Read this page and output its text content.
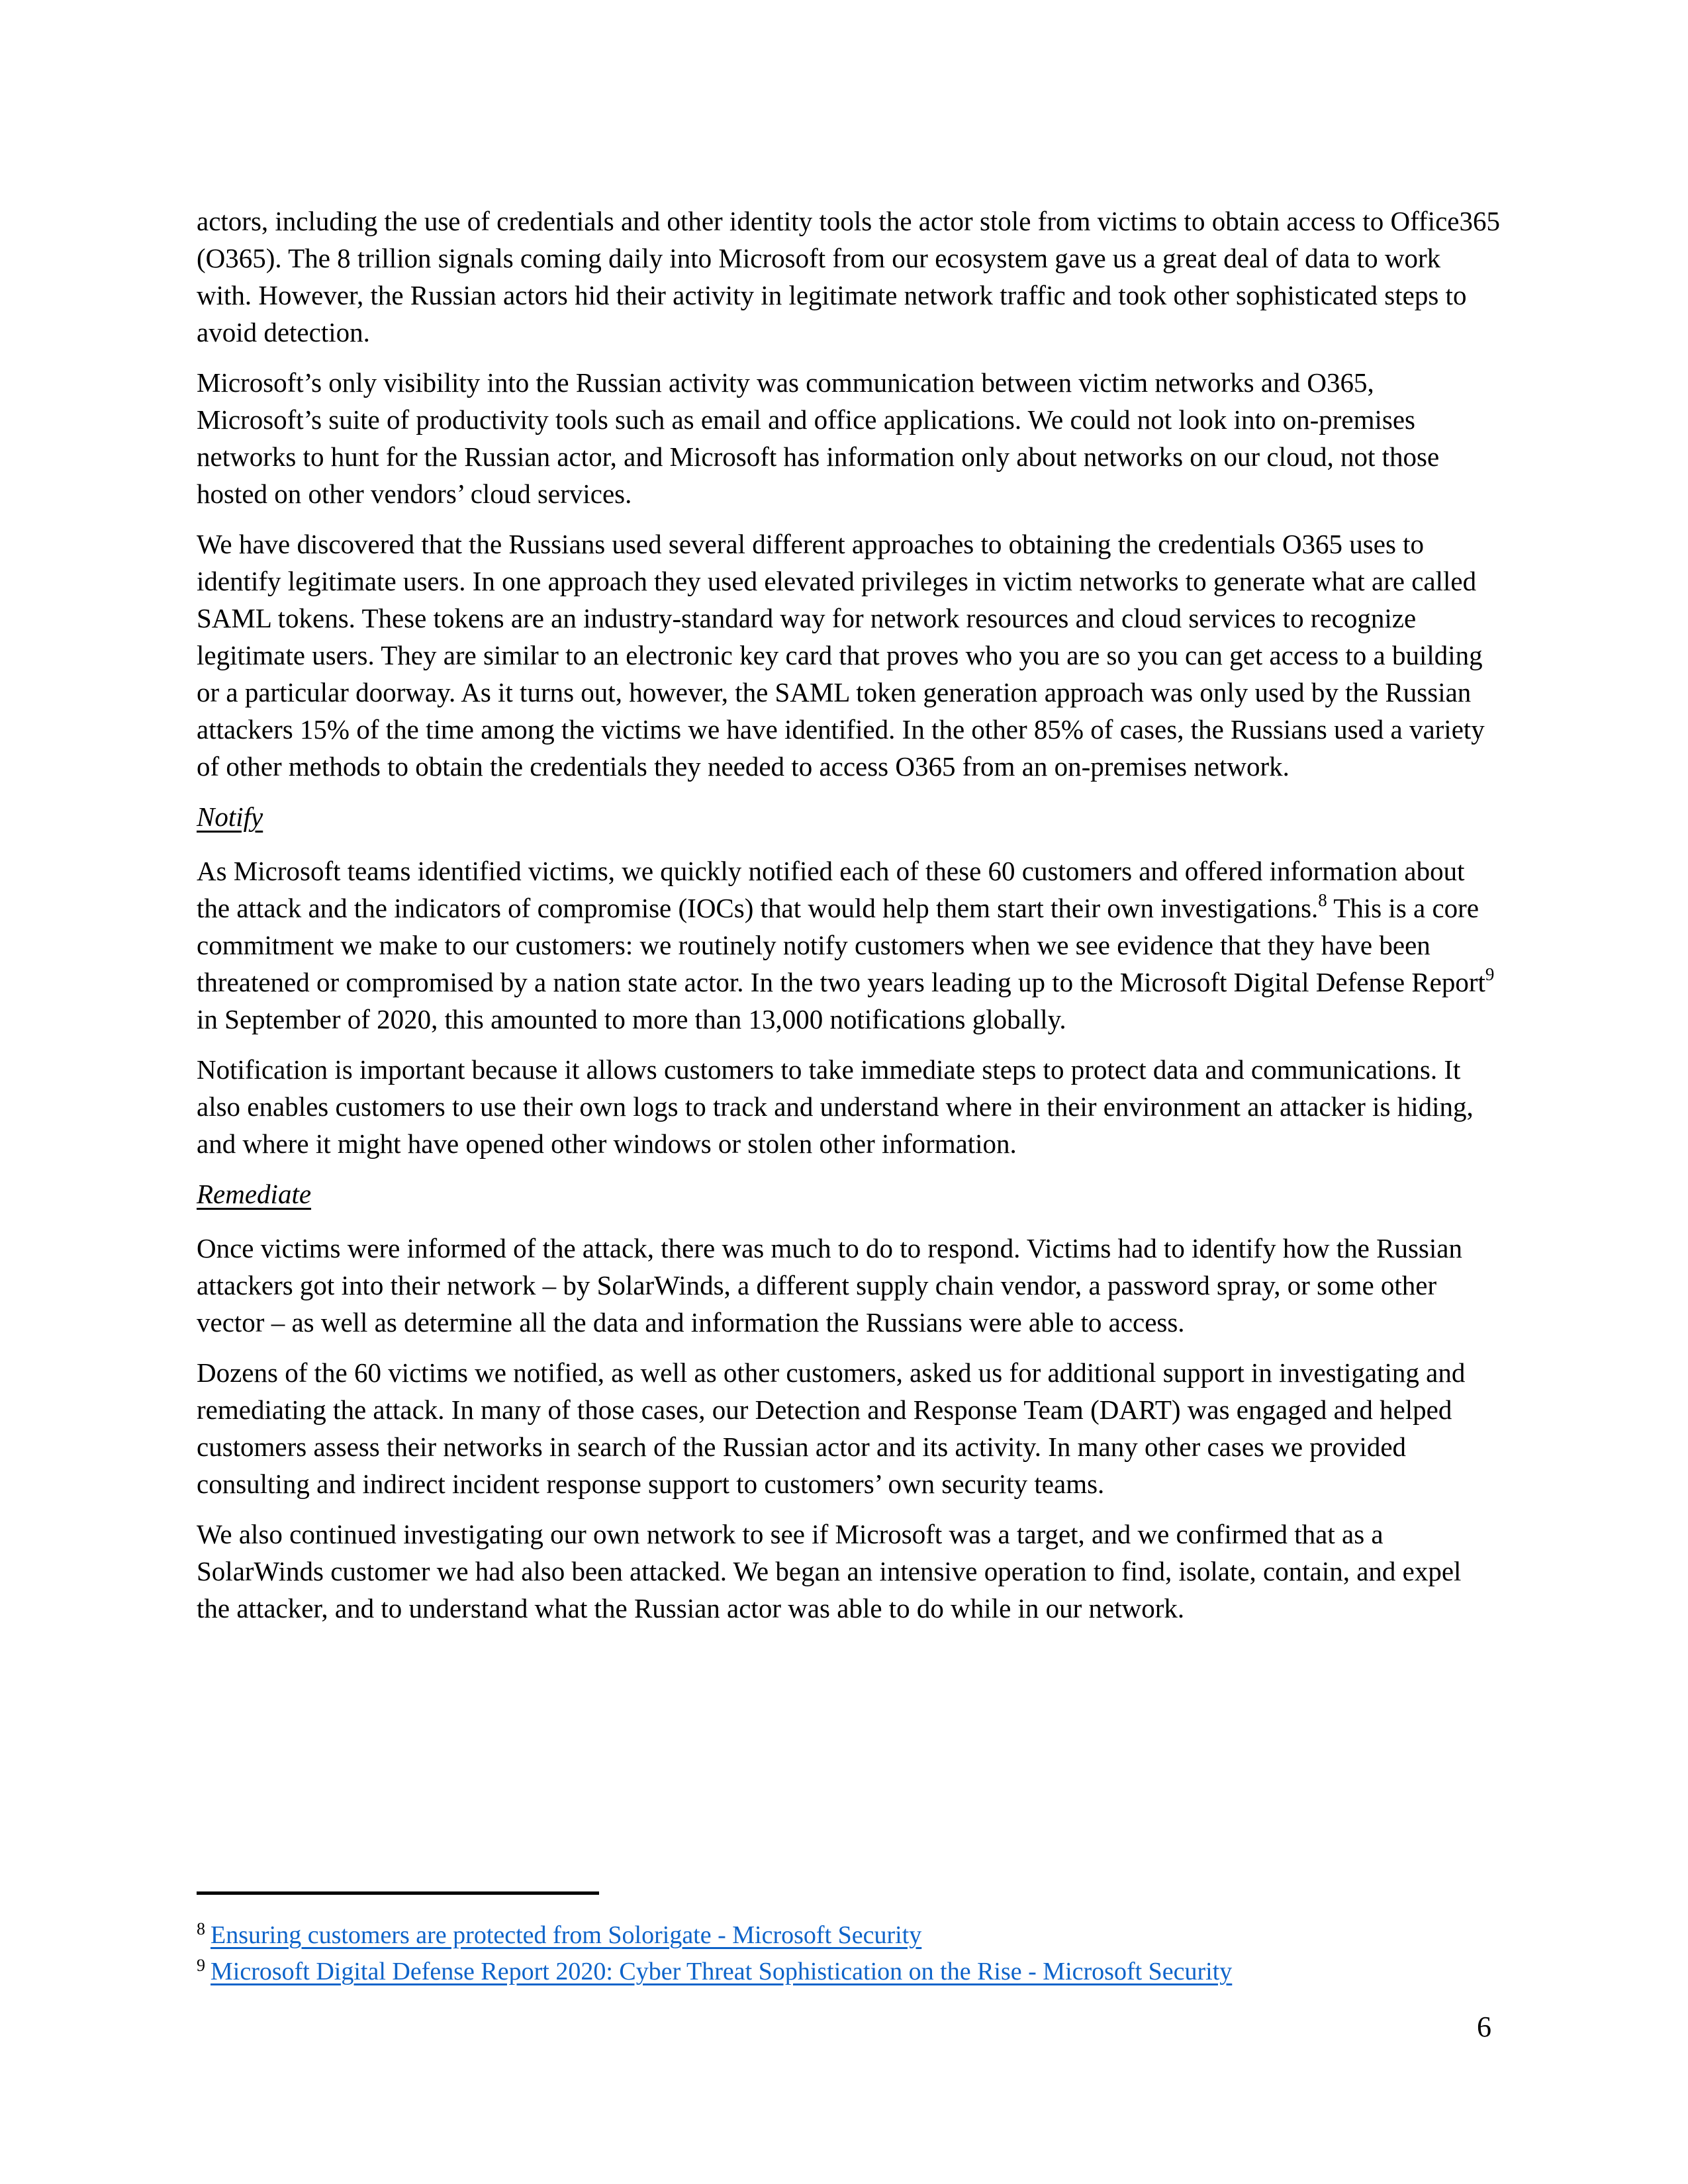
actors, including the use of credentials and other identity tools the actor stole from victims to obtain access to Office365 (O365). The 8 trillion signals coming daily into Microsoft from our ecosystem gave us a great deal of data to work with. However, the Russian actors hid their activity in legitimate network traffic and took other sophisticated steps to avoid detection.

Microsoft’s only visibility into the Russian activity was communication between victim networks and O365, Microsoft’s suite of productivity tools such as email and office applications. We could not look into on-premises networks to hunt for the Russian actor, and Microsoft has information only about networks on our cloud, not those hosted on other vendors’ cloud services.

We have discovered that the Russians used several different approaches to obtaining the credentials O365 uses to identify legitimate users. In one approach they used elevated privileges in victim networks to generate what are called SAML tokens. These tokens are an industry-standard way for network resources and cloud services to recognize legitimate users. They are similar to an electronic key card that proves who you are so you can get access to a building or a particular doorway. As it turns out, however, the SAML token generation approach was only used by the Russian attackers 15% of the time among the victims we have identified. In the other 85% of cases, the Russians used a variety of other methods to obtain the credentials they needed to access O365 from an on-premises network.

Notify

As Microsoft teams identified victims, we quickly notified each of these 60 customers and offered information about the attack and the indicators of compromise (IOCs) that would help them start their own investigations.$^8$ This is a core commitment we make to our customers: we routinely notify customers when we see evidence that they have been threatened or compromised by a nation state actor. In the two years leading up to the Microsoft Digital Defense Report$^9$ in September of 2020, this amounted to more than 13,000 notifications globally.

Notification is important because it allows customers to take immediate steps to protect data and communications. It also enables customers to use their own logs to track and understand where in their environment an attacker is hiding, and where it might have opened other windows or stolen other information.

Remediate

Once victims were informed of the attack, there was much to do to respond. Victims had to identify how the Russian attackers got into their network – by SolarWinds, a different supply chain vendor, a password spray, or some other vector – as well as determine all the data and information the Russians were able to access.

Dozens of the 60 victims we notified, as well as other customers, asked us for additional support in investigating and remediating the attack. In many of those cases, our Detection and Response Team (DART) was engaged and helped customers assess their networks in search of the Russian actor and its activity. In many other cases we provided consulting and indirect incident response support to customers’ own security teams.

We also continued investigating our own network to see if Microsoft was a target, and we confirmed that as a SolarWinds customer we had also been attacked. We began an intensive operation to find, isolate, contain, and expel the attacker, and to understand what the Russian actor was able to do while in our network.

$^8$ Ensuring customers are protected from Solorigate - Microsoft Security
$^9$ Microsoft Digital Defense Report 2020: Cyber Threat Sophistication on the Rise - Microsoft Security
6
